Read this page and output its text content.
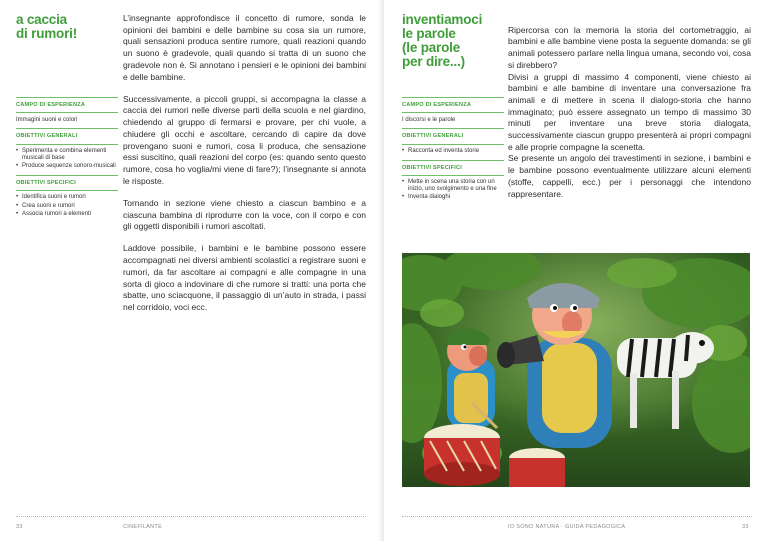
a caccia
di rumori!
CAMPO DI ESPERIENZA
Immagini suoni e colori
OBIETTIVI GENERALI
• Sperimenta e combina elementi musicali di base
• Produce sequenze sonoro-musicali
OBIETTIVI SPECIFICI
• Identifica suoni e rumori
• Crea suoni e rumori
• Associa rumori a elementi

L’insegnante approfondisce il concetto di rumore, sonda le opinioni dei bambini e delle bambine su cosa sia un rumore, quali sensazioni produca sentire rumore, quali reazioni quando un suono è gradevole, quali quando si tratta di un suono che gradevole non è. Si annotano i pensieri e le opinioni dei bambini e delle bambine.

Successivamente, a piccoli gruppi, si accompagna la classe a caccia dei rumori nelle diverse parti della scuola e nel giardino, chiedendo al gruppo di fermarsi e provare, per chi vuole, a chiudere gli occhi e ascoltare, cercando di capire da dove provengano suoni e rumori, cosa li produca, che sensazione essi suscitino, quali reazioni del corpo (es: quando sento questo rumore, cosa ho voglia/mi viene di fare?); l’insegnante si annota le risposte.

Tornando in sezione viene chiesto a ciascun bambino e a ciascuna bambina di riprodurre con la voce, con il corpo e con gli oggetti disponibili i rumori ascoltati.

Laddove possibile, i bambini e le bambine possono essere accompagnati nei diversi ambienti scolastici a registrare suoni e rumori, da far ascoltare ai compagni e alle compagne in una sorta di gioco a indovinare di che rumore si tratti: una porta che sbatte, uno sciacquone, il passaggio di un’auto in strada, i passi nel corridoio, voci ecc.

33	CINEFILANTE
inventiamoci
le parole
(le parole
per dire...)
CAMPO DI ESPERIENZA
I discorsi e le parole
OBIETTIVI GENERALI
• Racconta ed inventa storie
OBIETTIVI SPECIFICI
• Mette in scena una storia con un inizio, uno svolgimento e una fine
• Inventa dialoghi

Ripercorsa con la memoria la storia del cortometraggio, ai bambini e alle bambine viene posta la seguente domanda: se gli animali potessero parlare nella lingua umana, secondo voi, cosa si direbbero?
Divisi a gruppi di massimo 4 componenti, viene chiesto ai bambini e alle bambine di inventare una conversazione fra animali e di mettere in scena il dialogo-storia che hanno immaginato; può essere assegnato un tempo di massimo 30 minuti per inventare una breve storia dialogata, successivamente ciascun gruppo presenterà ai propri compagni e alle proprie compagne la scenetta.
Se presente un angolo dei travestimenti in sezione, i bambini e le bambine possono eventualmente utilizzare alcuni elementi (stoffe, cappelli, ecc.) per i personaggi che intendono rappresentare.

IO SONO NATURA · GUIDA PEDAGOGICA	33
